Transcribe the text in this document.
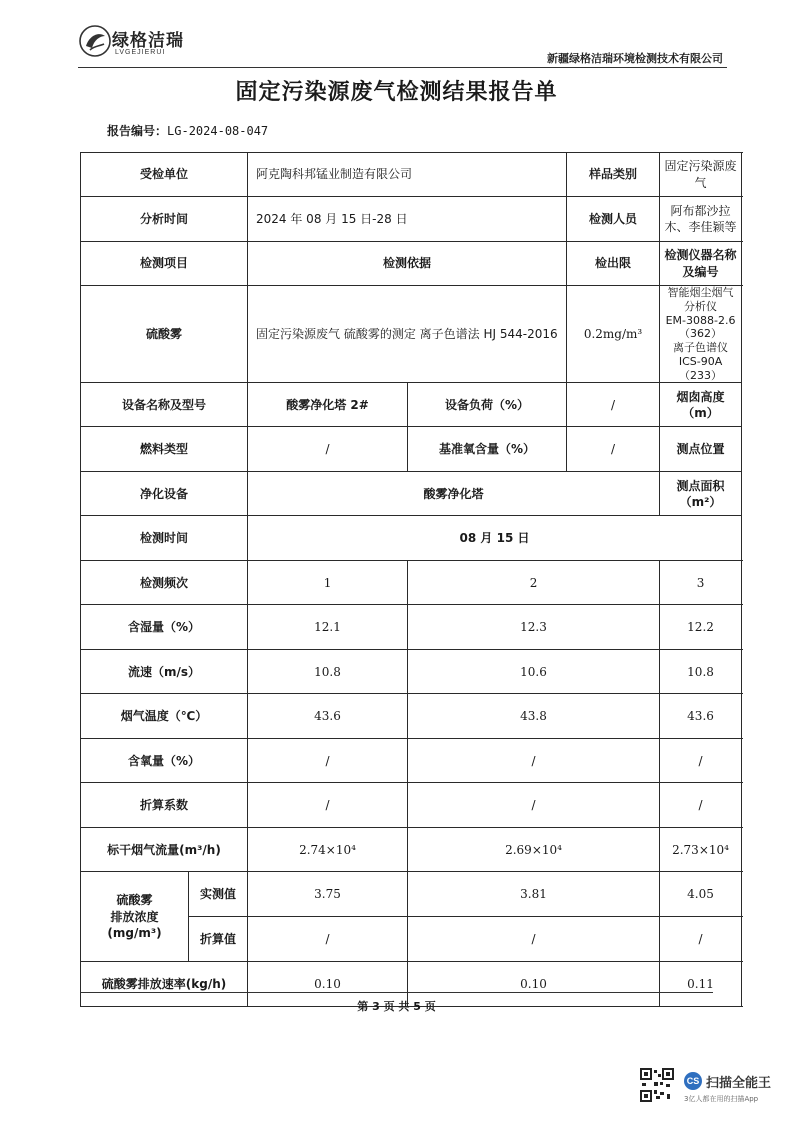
绿格洁瑞
LVGEJIERUI	新疆绿格洁瑞环境检测技术有限公司
固定污染源废气检测结果报告单
报告编号：LG-2024-08-047
受检单位		阿克陶科邦锰业制造有限公司		样品类别	固定污染源废气	
分析时间		2024 年 08 月 15 日-28 日		检测人员	阿布都沙拉木、李佳颖等	
检测项目		检测依据		检出限	检测仪器名称及编号	
硫酸雾		固定污染源废气 硫酸雾的测定 离子色谱法 HJ 544-2016		0.2mg/m³	智能烟尘烟气分析仪
EM-3088-2.6（362）
离子色谱仪
ICS-90A （233）	

设备名称及型号		酸雾净化塔 2#	设备负荷（%）	/	烟囱高度（m）	
燃料类型		/	基准氧含量（%）	/	测点位置	
净化设备		酸雾净化塔			测点面积（m²）	
检测时间		08 月 15 日				
检测频次		1	2		3	
含湿量（%）		12.1	12.3		12.2	
流速（m/s）		10.8	10.6		10.8	
烟气温度（℃）		43.6	43.8		43.6	
含氧量（%）		/	/		/	
折算系数		/	/		/	
标干烟气流量(m³/h)		2.74×10⁴	2.69×10⁴		2.73×10⁴	

硫酸雾
排放浓度
(mg/m³)	实测值	3.75	3.81		4.05	
	折算值	/	/		/	
硫酸雾排放速率(kg/h)		0.10	0.10		0.11	
第 3 页 共 5 页
CS 扫描全能王
3亿人都在用的扫描App
